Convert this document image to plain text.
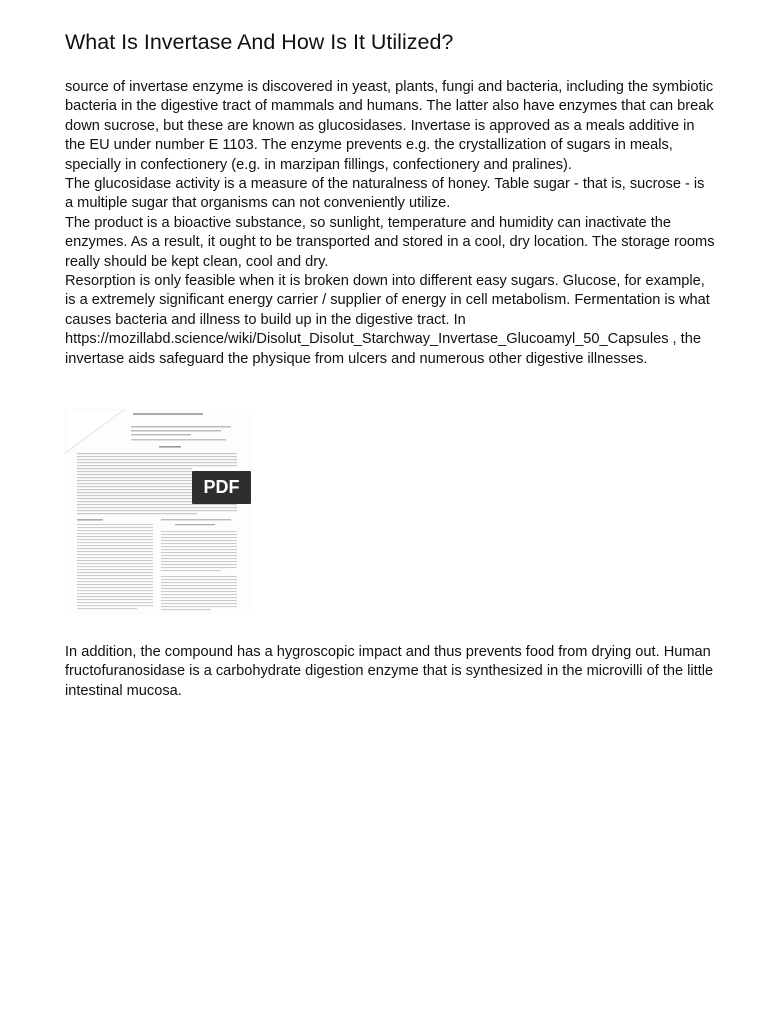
What Is Invertase And How Is It Utilized?

source of invertase enzyme is discovered in yeast, plants, fungi and bacteria, including the symbiotic bacteria in the digestive tract of mammals and humans. The latter also have enzymes that can break down sucrose, but these are known as glucosidases. Invertase is approved as a meals additive in the EU under number E 1103. The enzyme prevents e.g. the crystallization of sugars in meals, specially in confectionery (e.g. in marzipan fillings, confectionery and pralines).

The glucosidase activity is a measure of the naturalness of honey. Table sugar - that is, sucrose - is a multiple sugar that organisms can not conveniently utilize.

The product is a bioactive substance, so sunlight, temperature and humidity can inactivate the enzymes. As a result, it ought to be transported and stored in a cool, dry location. The storage rooms really should be kept clean, cool and dry.

Resorption is only feasible when it is broken down into different easy sugars. Glucose, for example, is a extremely significant energy carrier / supplier of energy in cell metabolism. Fermentation is what causes bacteria and illness to build up in the digestive tract. In https://mozillabd.science/wiki/Disolut_Disolut_Starchway_Invertase_Glucoamyl_50_Capsules , the invertase aids safeguard the physique from ulcers and numerous other digestive illnesses.

PDF

In addition, the compound has a hygroscopic impact and thus prevents food from drying out. Human fructofuranosidase is a carbohydrate digestion enzyme that is synthesized in the microvilli of the little intestinal mucosa.
